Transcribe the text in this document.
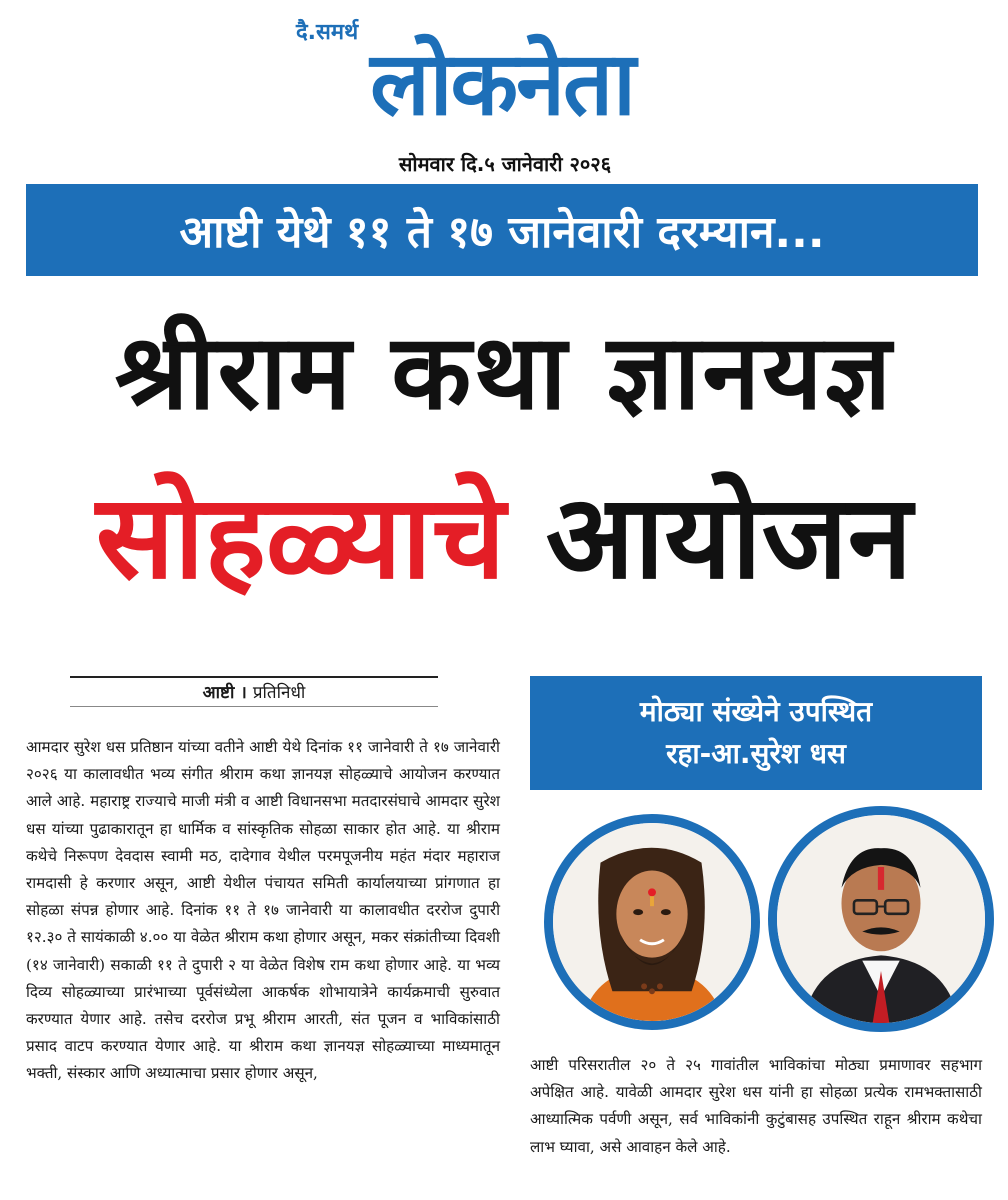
दै.समर्थ लोकनेता
सोमवार दि.५ जानेवारी २०२६
आष्टी येथे ११ ते १७ जानेवारी दरम्यान...
श्रीराम कथा ज्ञानयज्ञ
सोहळ्याचे आयोजन
आष्टी । प्रतिनिधी

आमदार सुरेश धस प्रतिष्ठान यांच्या वतीने आष्टी येथे दिनांक ११ जानेवारी ते १७ जानेवारी २०२६ या कालावधीत भव्य संगीत श्रीराम कथा ज्ञानयज्ञ सोहळ्याचे आयोजन करण्यात आले आहे. महाराष्ट्र राज्याचे माजी मंत्री व आष्टी विधानसभा मतदारसंघाचे आमदार सुरेश धस यांच्या पुढाकारातून हा धार्मिक व सांस्कृतिक सोहळा साकार होत आहे. या श्रीराम कथेचे निरूपण देवदास स्वामी मठ, दादेगाव येथील परमपूजनीय महंत मंदार महाराज रामदासी हे करणार असून, आष्टी येथील पंचायत समिती कार्यालयाच्या प्रांगणात हा सोहळा संपन्न होणार आहे. दिनांक ११ ते १७ जानेवारी या कालावधीत दररोज दुपारी १२.३० ते सायंकाळी ४.०० या वेळेत श्रीराम कथा होणार असून, मकर संक्रांतीच्या दिवशी (१४ जानेवारी) सकाळी ११ ते दुपारी २ या वेळेत विशेष राम कथा होणार आहे. या भव्य दिव्य सोहळ्याच्या प्रारंभाच्या पूर्वसंध्येला आकर्षक शोभायात्रेने कार्यक्रमाची सुरुवात करण्यात येणार आहे. तसेच दररोज प्रभू श्रीराम आरती, संत पूजन व भाविकांसाठी प्रसाद वाटप करण्यात येणार आहे. या श्रीराम कथा ज्ञानयज्ञ सोहळ्याच्या माध्यमातून भक्ती, संस्कार आणि अध्यात्माचा प्रसार होणार असून,

मोठ्या संख्येने उपस्थित
रहा-आ.सुरेश धस

आष्टी परिसरातील २० ते २५ गावांतील भाविकांचा मोठ्या प्रमाणावर सहभाग अपेक्षित आहे. यावेळी आमदार सुरेश धस यांनी हा सोहळा प्रत्येक रामभक्तासाठी आध्यात्मिक पर्वणी असून, सर्व भाविकांनी कुटुंबासह उपस्थित राहून श्रीराम कथेचा लाभ घ्यावा, असे आवाहन केले आहे.
